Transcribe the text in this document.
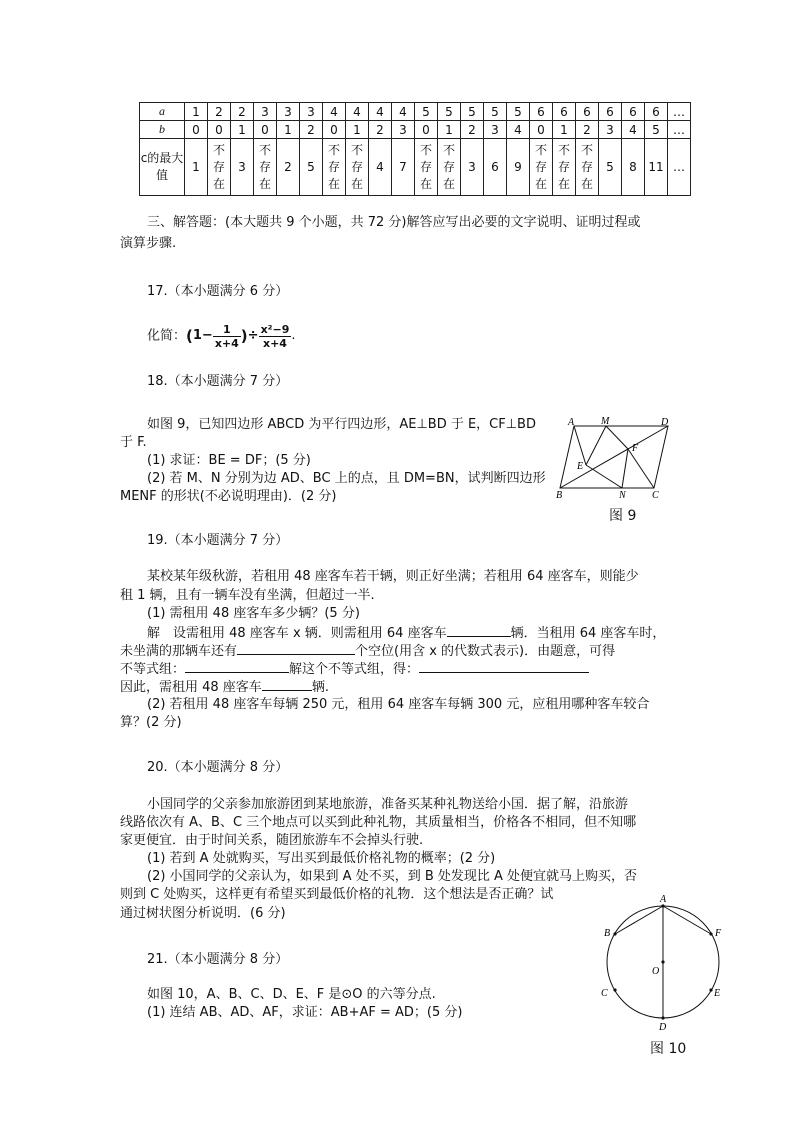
a	1	2	2	3	3	3	4	4	4	4	5	5	5	5	5	6	6	6	6	6	6	…
b	0	0	1	0	1	2	0	1	2	3	0	1	2	3	4	0	1	2	3	4	5	…
c的最大值	1	不存在	3	不存在	2	5	不存在	不存在	4	7	不存在	不存在	3	6	9	不存在	不存在	不存在	5	8	11	…
三、解答题：(本大题共 9 个小题，共 72 分)解答应写出必要的文字说明、证明过程或
演算步骤.
17.（本小题满分 6 分）
化简：($1- \frac{1}{x+4}$ )÷ $\frac{\text{x²−9}}{x+4}$ .
18.（本小题满分 7 分）
如图 9，已知四边形 ABCD 为平行四边形，AE⊥BD 于 E，CF⊥BD
于 F.
(1) 求证：BE = DF；(5 分)
(2) 若 M、N 分别为边 AD、BC 上的点，且 DM=BN，试判断四边形
MENF 的形状(不必说明理由)．(2 分)
A	M	D
E
F
B	N	C
图 9
19.（本小题满分 7 分）
某校某年级秋游，若租用 48 座客车若干辆，则正好坐满；若租用 64 座客车，则能少
租 1 辆，且有一辆车没有坐满，但超过一半.
(1) 需租用 48 座客车多少辆？(5 分)
解　设需租用 48 座客车 x 辆．则需租用 64 座客车	辆．当租用 64 座客车时，
未坐满的那辆车还有	个空位(用含 x 的代数式表示)．由题意，可得
不等式组：	解这个不等式组，得：
因此，需租用 48 座客车	辆.
(2) 若租用 48 座客车每辆 250 元，租用 64 座客车每辆 300 元，应租用哪种客车较合
算？(2 分)
20.（本小题满分 8 分）
小国同学的父亲参加旅游团到某地旅游，准备买某种礼物送给小国．据了解，沿旅游
线路依次有 A、B、C 三个地点可以买到此种礼物，其质量相当，价格各不相同，但不知哪
家更便宜．由于时间关系，随团旅游车不会掉头行驶.
(1) 若到 A 处就购买，写出买到最低价格礼物的概率；(2 分)
(2) 小国同学的父亲认为，如果到 A 处不买，到 B 处发现比 A 处便宜就马上购买，否
则到 C 处购买，这样更有希望买到最低价格的礼物．这个想法是否正确？试
通过树状图分析说明．(6 分)
21.（本小题满分 8 分）
如图 10，A、B、C、D、E、F 是⊙O 的六等分点.
(1) 连结 AB、AD、AF，求证：AB+AF = AD；(5 分)
A
B	F
O
C	E
D
图 10
